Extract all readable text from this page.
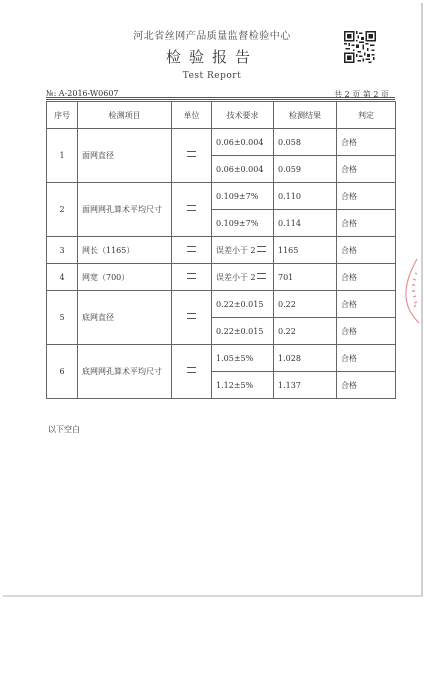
河北省丝网产品质量监督检验中心
检验报告
Test Report
№: A-2016-W0607	共 2 页 第 2 页
序号	检测项目	单位	技术要求	检测结果	判定
1	面网直径		0.06±0.004	0.058	合格
			0.06±0.004	0.059	合格
2	面网网孔算术平均尺寸		0.109±7%	0.110	合格
			0.109±7%	0.114	合格
3	网长（1165）		误差小于 2	1165	合格
4	网宽（700）		误差小于 2	701	合格
5	底网直径		0.22±0.015	0.22	合格
			0.22±0.015	0.22	合格
6	底网网孔算术平均尺寸		1.05±5%	1.028	合格
			1.12±5%	1.137	合格
以下空白
